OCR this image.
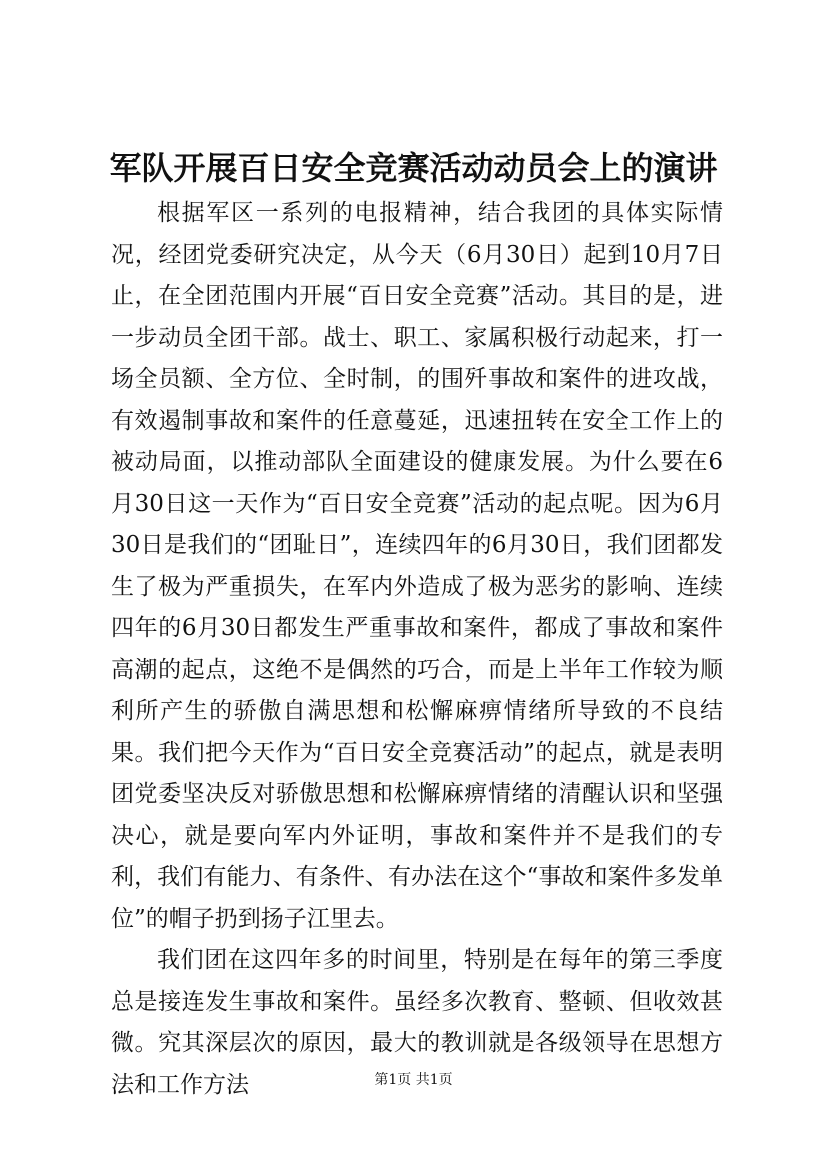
军队开展百日安全竞赛活动动员会上的演讲

根据军区一系列的电报精神，结合我团的具体实际情况，经团党委研究决定，从今天（6月30日）起到10月7日止，在全团范围内开展“百日安全竞赛”活动。其目的是，进一步动员全团干部。战士、职工、家属积极行动起来，打一场全员额、全方位、全时制，的围歼事故和案件的进攻战，有效遏制事故和案件的任意蔓延，迅速扭转在安全工作上的被动局面，以推动部队全面建设的健康发展。为什么要在6月30日这一天作为“百日安全竞赛”活动的起点呢。因为6月30日是我们的“团耻日”，连续四年的6月30日，我们团都发生了极为严重损失，在军内外造成了极为恶劣的影响、连续四年的6月30日都发生严重事故和案件，都成了事故和案件高潮的起点，这绝不是偶然的巧合，而是上半年工作较为顺利所产生的骄傲自满思想和松懈麻痹情绪所导致的不良结果。我们把今天作为“百日安全竞赛活动”的起点，就是表明团党委坚决反对骄傲思想和松懈麻痹情绪的清醒认识和坚强决心，就是要向军内外证明，事故和案件并不是我们的专利，我们有能力、有条件、有办法在这个“事故和案件多发单位”的帽子扔到扬子江里去。

我们团在这四年多的时间里，特别是在每年的第三季度总是接连发生事故和案件。虽经多次教育、整顿、但收效甚微。究其深层次的原因，最大的教训就是各级领导在思想方法和工作方法	第1页 共1页
